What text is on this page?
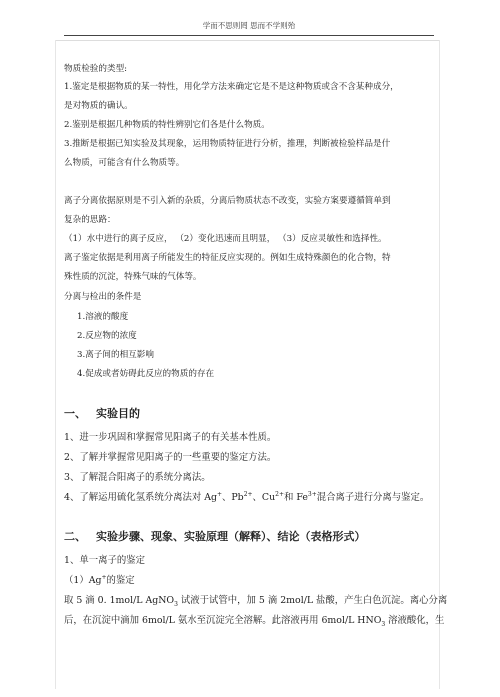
学而不思则罔 思而不学则殆
物质检验的类型:
1.鉴定是根据物质的某一特性，用化学方法来确定它是不是这种物质或含不含某种成分，
是对物质的确认。
2.鉴别是根据几种物质的特性辨别它们各是什么物质。
3.推断是根据已知实验及其现象，运用物质特征进行分析，推理，判断被检验样品是什
么物质，可能含有什么物质等。
离子分离依据原则是不引入新的杂质，分离后物质状态不改变，实验方案要遵循简单到
复杂的思路：
（1）水中进行的离子反应， （2）变化迅速而且明显， （3）反应灵敏性和选择性。
离子鉴定依据是利用离子所能发生的特征反应实现的。例如生成特殊颜色的化合物，特
殊性质的沉淀，特殊气味的气体等。
分离与检出的条件是
1.溶液的酸度
2.反应物的浓度
3.离子间的相互影响
4.促成或者妨碍此反应的物质的存在
一、 实验目的
1、进一步巩固和掌握常见阳离子的有关基本性质。
2、了解并掌握常见阳离子的一些重要的鉴定方法。
3、了解混合阳离子的系统分离法。
4、了解运用硫化氢系统分离法对 Ag+、$Pb^{2+}$、$Cu^{2+}$和 $Fe^{3+}$混合离子进行分离与鉴定。
二、 实验步骤、现象、实验原理（解释）、结论（表格形式）
1、单一离子的鉴定
（1）Ag+的鉴定
取 5 滴 0. 1mol/L AgNO$_3$ 试液于试管中，加 5 滴 2mol/L 盐酸，产生白色沉淀。离心分离
后，在沉淀中滴加 6mol/L 氨水至沉淀完全溶解。此溶液再用 6mol/L $HNO_3$ 溶液酸化，生
